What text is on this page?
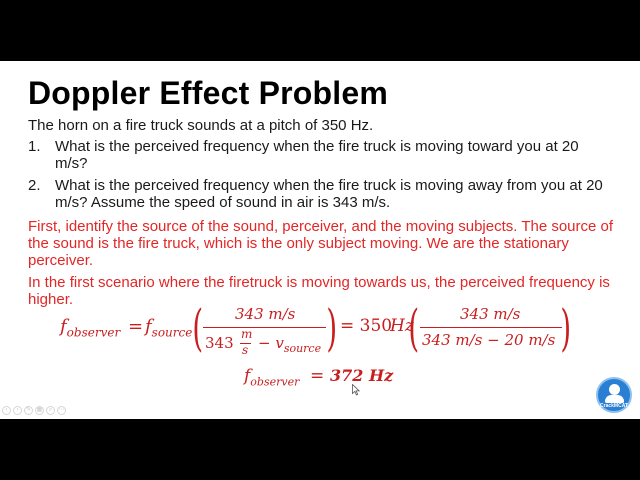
Doppler Effect Problem
The horn on a fire truck sounds at a pitch of 350 Hz.
1. What is the perceived frequency when the fire truck is moving toward you at 20 m/s?
2. What is the perceived frequency when the fire truck is moving away from you at 20 m/s? Assume the speed of sound in air is 343 m/s.
First, identify the source of the sound, perceiver, and the moving subjects. The source of the sound is the fire truck, which is the only subject moving. We are the stationary perceiver.
In the first scenario where the firetruck is moving towards us, the perceived frequency is higher.
$f_{observer} = f_{source}$ ( 343 m/s
343 m
$s - v_{source}$ ) = 350
Hz
(	343 m/s
343 m/s − 20 m/s )
$f_{observer} = 372$ Hz
‹	›	✎ ▦	⌕	⋯
CrackMCAT
